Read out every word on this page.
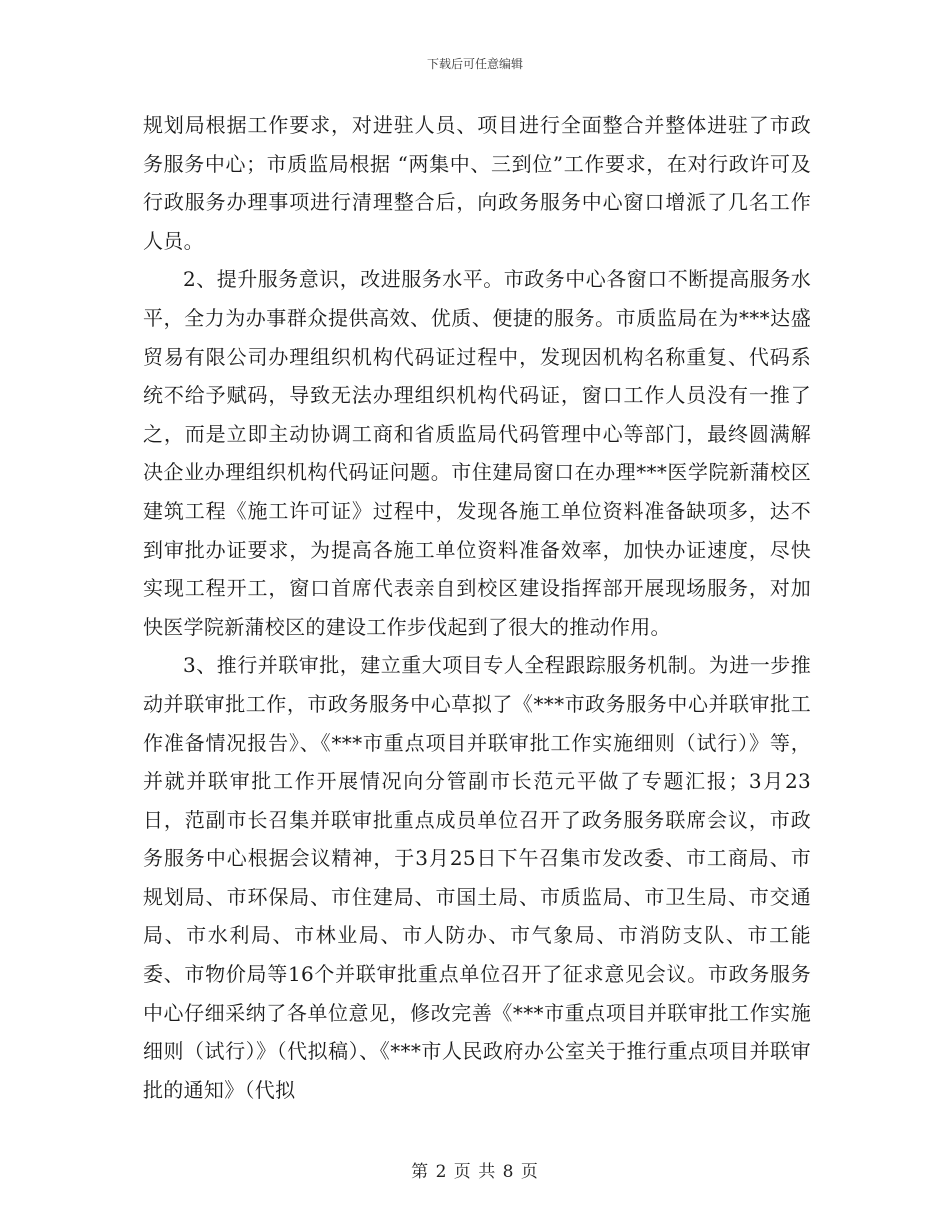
下载后可任意编辑

规划局根据工作要求，对进驻人员、项目进行全面整合并整体进驻了市政务服务中心；市质监局根据 “两集中、三到位”工作要求，在对行政许可及行政服务办理事项进行清理整合后，向政务服务中心窗口增派了几名工作人员。

2、提升服务意识，改进服务水平。市政务中心各窗口不断提高服务水平，全力为办事群众提供高效、优质、便捷的服务。市质监局在为***达盛贸易有限公司办理组织机构代码证过程中，发现因机构名称重复、代码系统不给予赋码，导致无法办理组织机构代码证，窗口工作人员没有一推了之，而是立即主动协调工商和省质监局代码管理中心等部门，最终圆满解决企业办理组织机构代码证问题。市住建局窗口在办理***医学院新蒲校区建筑工程《施工许可证》过程中，发现各施工单位资料准备缺项多，达不到审批办证要求，为提高各施工单位资料准备效率，加快办证速度，尽快实现工程开工，窗口首席代表亲自到校区建设指挥部开展现场服务，对加快医学院新蒲校区的建设工作步伐起到了很大的推动作用。

3、推行并联审批，建立重大项目专人全程跟踪服务机制。为进一步推动并联审批工作，市政务服务中心草拟了《***市政务服务中心并联审批工作准备情况报告》、《***市重点项目并联审批工作实施细则（试行）》等，并就并联审批工作开展情况向分管副市长范元平做了专题汇报；3月23日，范副市长召集并联审批重点成员单位召开了政务服务联席会议，市政务服务中心根据会议精神，于3月25日下午召集市发改委、市工商局、市规划局、市环保局、市住建局、市国土局、市质监局、市卫生局、市交通局、市水利局、市林业局、市人防办、市气象局、市消防支队、市工能委、市物价局等16个并联审批重点单位召开了征求意见会议。市政务服务中心仔细采纳了各单位意见，修改完善《***市重点项目并联审批工作实施细则（试行）》（代拟稿）、《***市人民政府办公室关于推行重点项目并联审批的通知》（代拟

第 2 页 共 8 页
